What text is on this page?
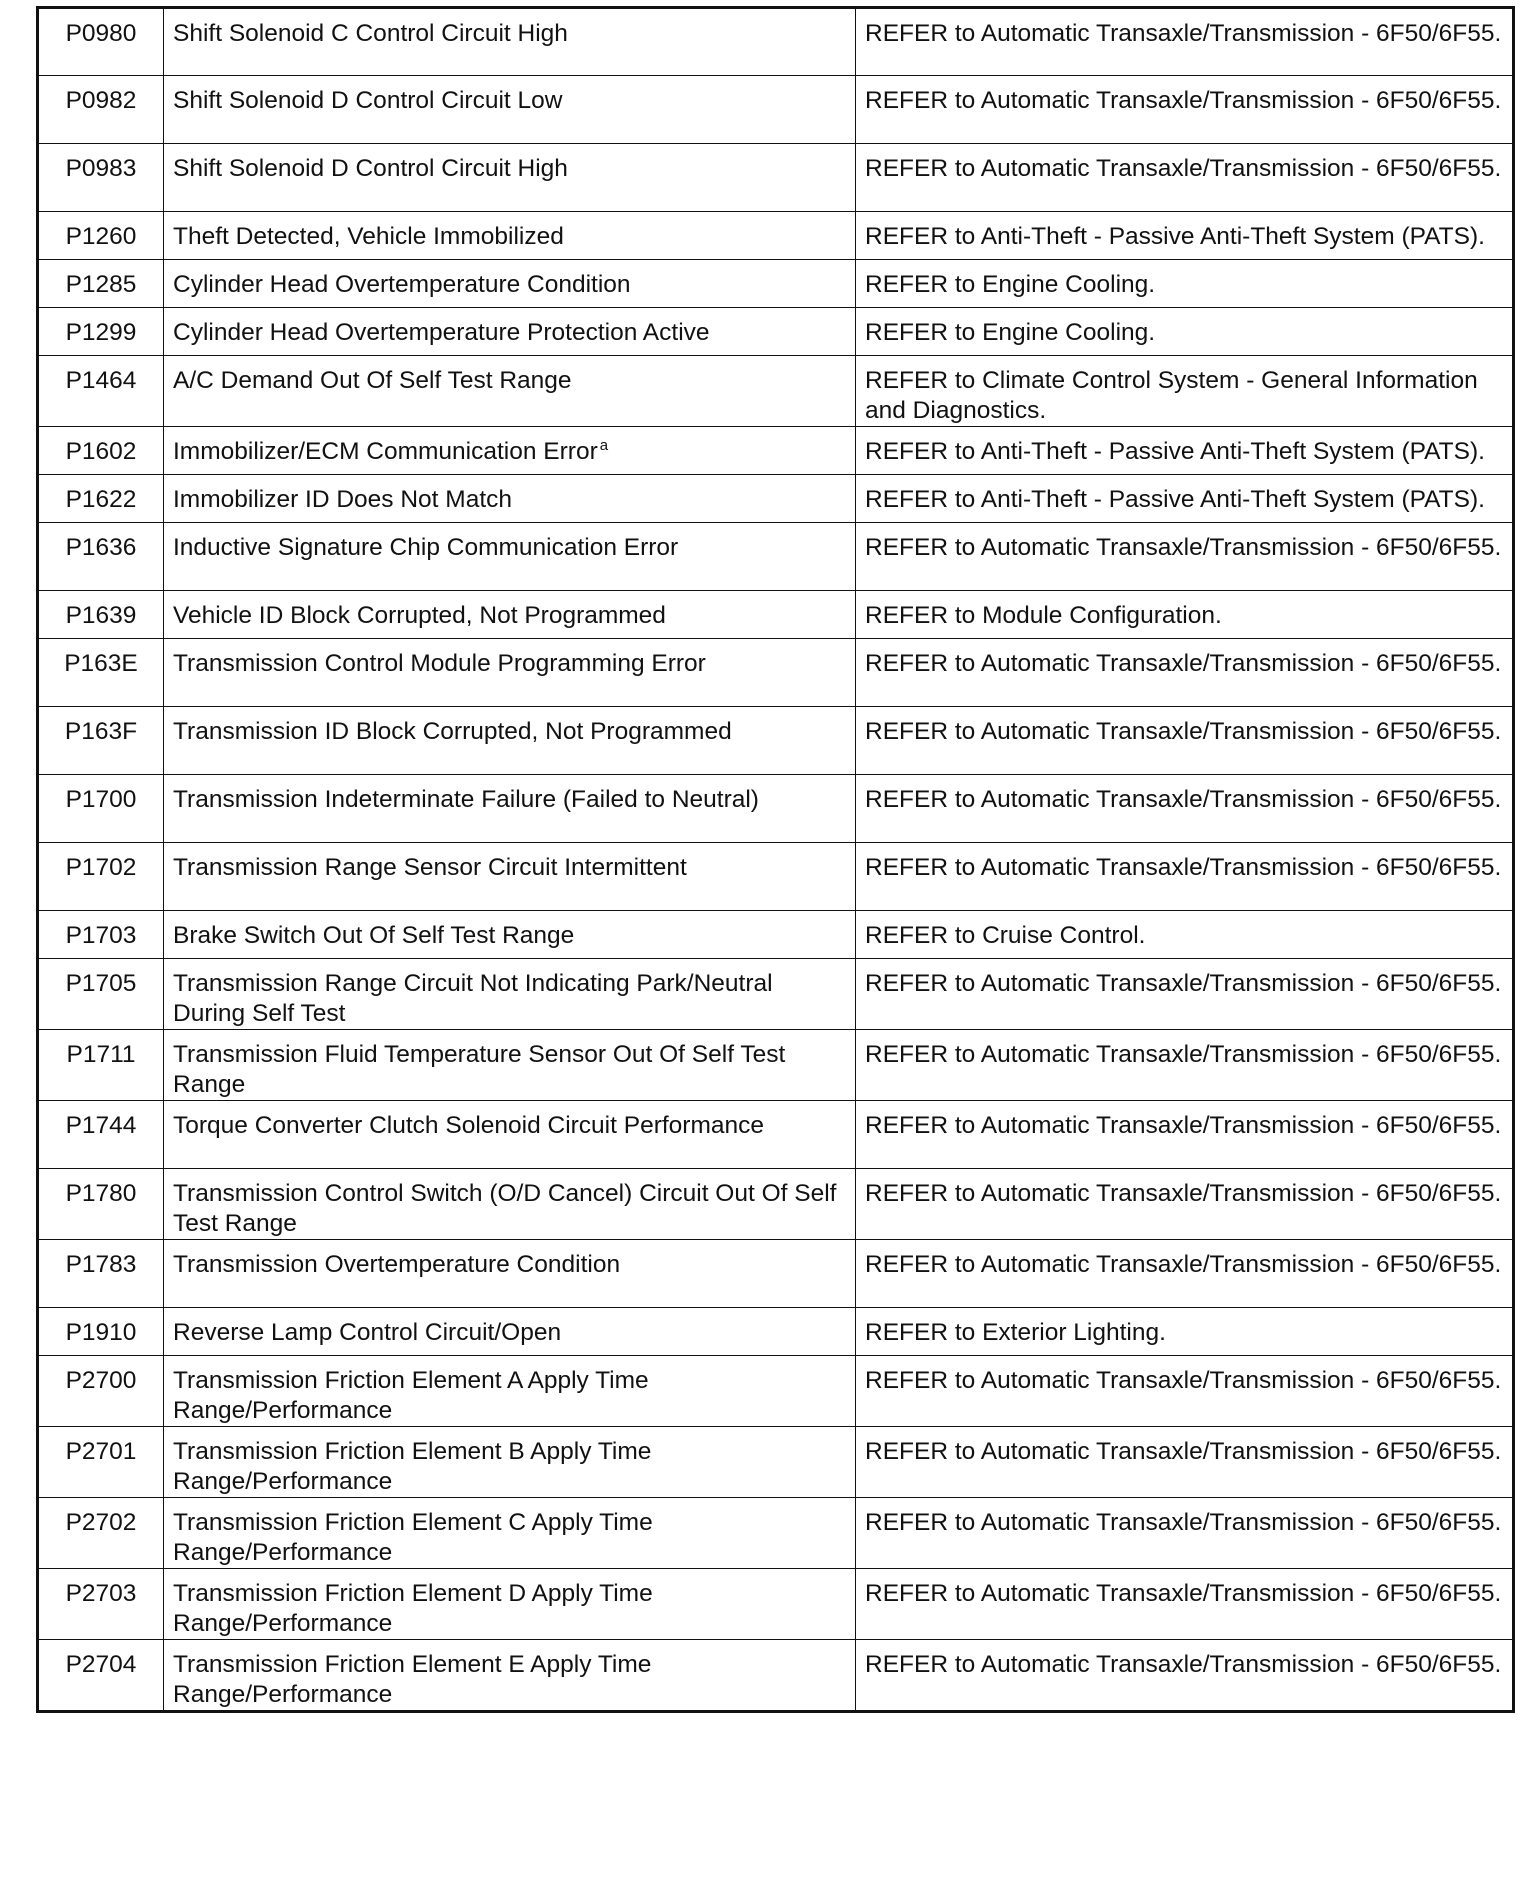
P0980	Shift Solenoid C Control Circuit High	REFER to Automatic Transaxle/Transmission - 6F50/6F55.
P0982	Shift Solenoid D Control Circuit Low	REFER to Automatic Transaxle/Transmission - 6F50/6F55.
P0983	Shift Solenoid D Control Circuit High	REFER to Automatic Transaxle/Transmission - 6F50/6F55.
P1260	Theft Detected, Vehicle Immobilized	REFER to Anti-Theft - Passive Anti-Theft System (PATS).
P1285	Cylinder Head Overtemperature Condition	REFER to Engine Cooling.
P1299	Cylinder Head Overtemperature Protection Active	REFER to Engine Cooling.
P1464	A/C Demand Out Of Self Test Range	REFER to Climate Control System - General Information and Diagnostics.
P1602	Immobilizer/ECM Communication Error $^a$	REFER to Anti-Theft - Passive Anti-Theft System (PATS).
P1622	Immobilizer ID Does Not Match	REFER to Anti-Theft - Passive Anti-Theft System (PATS).
P1636	Inductive Signature Chip Communication Error	REFER to Automatic Transaxle/Transmission - 6F50/6F55.
P1639	Vehicle ID Block Corrupted, Not Programmed	REFER to Module Configuration.
P163E	Transmission Control Module Programming Error	REFER to Automatic Transaxle/Transmission - 6F50/6F55.
P163F	Transmission ID Block Corrupted, Not Programmed	REFER to Automatic Transaxle/Transmission - 6F50/6F55.
P1700	Transmission Indeterminate Failure (Failed to Neutral)	REFER to Automatic Transaxle/Transmission - 6F50/6F55.
P1702	Transmission Range Sensor Circuit Intermittent	REFER to Automatic Transaxle/Transmission - 6F50/6F55.
P1703	Brake Switch Out Of Self Test Range	REFER to Cruise Control.
P1705	Transmission Range Circuit Not Indicating Park/Neutral During Self Test	REFER to Automatic Transaxle/Transmission - 6F50/6F55.
P1711	Transmission Fluid Temperature Sensor Out Of Self Test Range	REFER to Automatic Transaxle/Transmission - 6F50/6F55.
P1744	Torque Converter Clutch Solenoid Circuit Performance	REFER to Automatic Transaxle/Transmission - 6F50/6F55.
P1780	Transmission Control Switch (O/D Cancel) Circuit Out Of Self Test Range	REFER to Automatic Transaxle/Transmission - 6F50/6F55.
P1783	Transmission Overtemperature Condition	REFER to Automatic Transaxle/Transmission - 6F50/6F55.
P1910	Reverse Lamp Control Circuit/Open	REFER to Exterior Lighting.
P2700	Transmission Friction Element A Apply Time Range/Performance	REFER to Automatic Transaxle/Transmission - 6F50/6F55.
P2701	Transmission Friction Element B Apply Time Range/Performance	REFER to Automatic Transaxle/Transmission - 6F50/6F55.
P2702	Transmission Friction Element C Apply Time Range/Performance	REFER to Automatic Transaxle/Transmission - 6F50/6F55.
P2703	Transmission Friction Element D Apply Time Range/Performance	REFER to Automatic Transaxle/Transmission - 6F50/6F55.
P2704	Transmission Friction Element E Apply Time Range/Performance	REFER to Automatic Transaxle/Transmission - 6F50/6F55.
